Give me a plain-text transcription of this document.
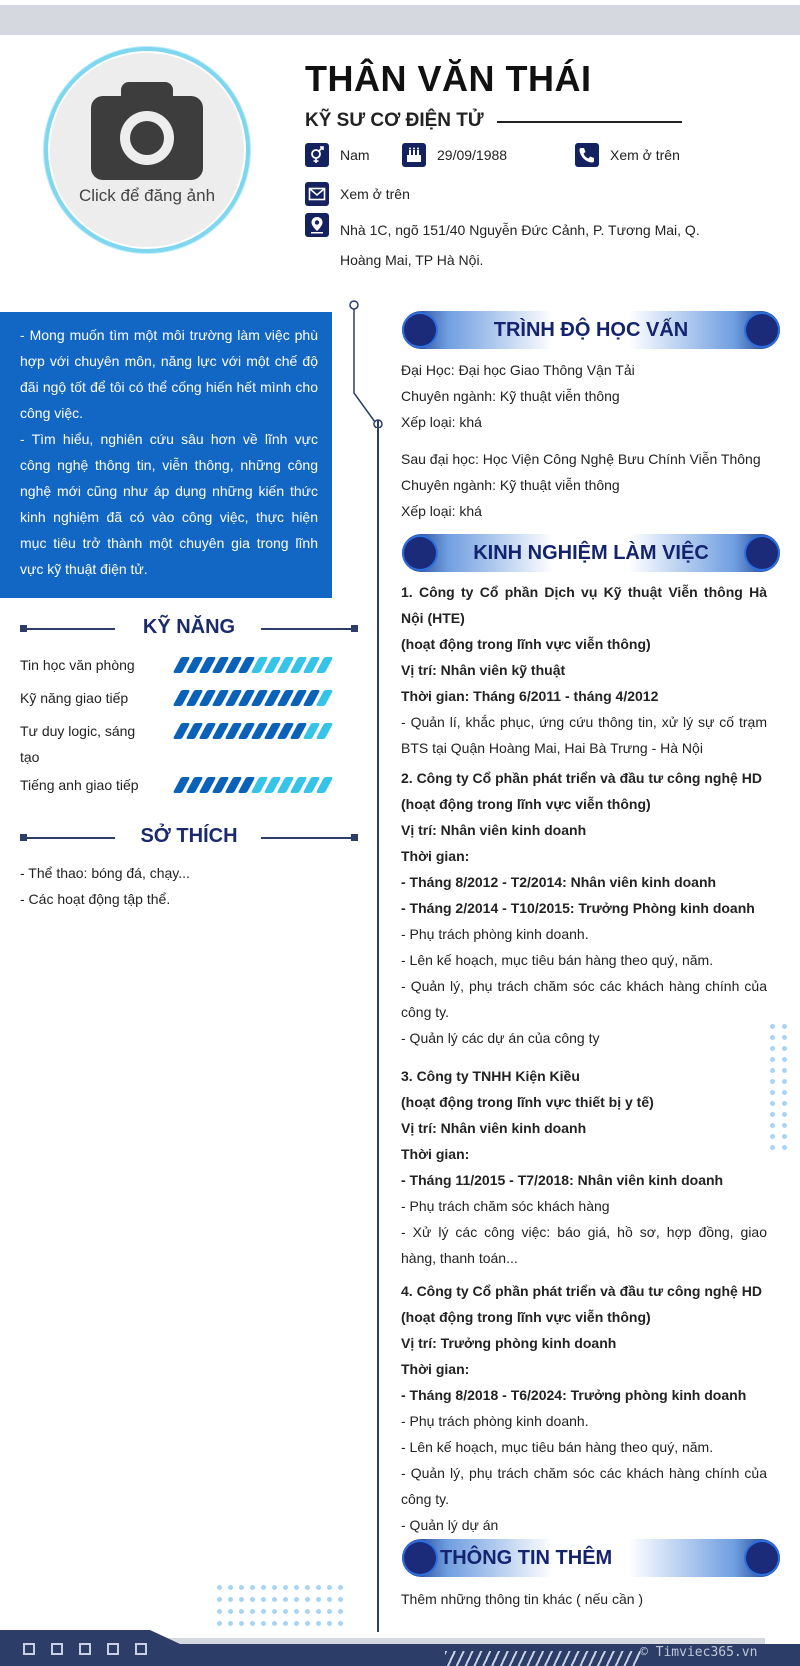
Click để đăng ảnh
THÂN VĂN THÁI
KỸ SƯ CƠ ĐIỆN TỬ
Nam	29/09/1988	Xem ở trên
Xem ở trên
Nhà 1C, ngõ 151/40 Nguyễn Đức Cảnh, P. Tương Mai, Q. Hoàng Mai, TP Hà Nội.

- Mong muốn tìm một môi trường làm việc phù hợp với chuyên môn, năng lực với một chế độ đãi ngộ tốt để tôi có thể cống hiến hết mình cho công việc.

- Tìm hiểu, nghiên cứu sâu hơn về lĩnh vực công nghệ thông tin, viễn thông, những công nghệ mới cũng như áp dụng những kiến thức kinh nghiệm đã có vào công việc, thực hiện mục tiêu trở thành một chuyên gia trong lĩnh vực kỹ thuật điện tử.

KỸ NĂNG
Tin học văn phòng
Kỹ năng giao tiếp
Tư duy logic, sáng tạo
Tiếng anh giao tiếp
SỞ THÍCH
- Thể thao: bóng đá, chạy...
- Các hoạt động tập thể.
TRÌNH ĐỘ HỌC VẤN
Đại Học: Đại học Giao Thông Vận Tải
Chuyên ngành: Kỹ thuật viễn thông
Xếp loại: khá
Sau đại học: Học Viện Công Nghệ Bưu Chính Viễn Thông
Chuyên ngành: Kỹ thuật viễn thông
Xếp loại: khá
KINH NGHIỆM LÀM VIỆC
1. Công ty Cổ phần Dịch vụ Kỹ thuật Viễn thông Hà Nội (HTE)
(hoạt động trong lĩnh vực viễn thông)
Vị trí: Nhân viên kỹ thuật
Thời gian: Tháng 6/2011 - tháng 4/2012
- Quản lí, khắc phục, ứng cứu thông tin, xử lý sự cố trạm BTS tại Quận Hoàng Mai, Hai Bà Trưng - Hà Nội
2. Công ty Cổ phần phát triển và đầu tư công nghệ HD
(hoạt động trong lĩnh vực viễn thông)
Vị trí: Nhân viên kinh doanh
Thời gian:
- Tháng 8/2012 - T2/2014: Nhân viên kinh doanh
- Tháng 2/2014 - T10/2015: Trưởng Phòng kinh doanh
- Phụ trách phòng kinh doanh.
- Lên kế hoạch, mục tiêu bán hàng theo quý, năm.
- Quản lý, phụ trách chăm sóc các khách hàng chính của công ty.
- Quản lý các dự án của công ty
3. Công ty TNHH Kiện Kiều
(hoạt động trong lĩnh vực thiết bị y tế)
Vị trí: Nhân viên kinh doanh
Thời gian:
- Tháng 11/2015 - T7/2018: Nhân viên kinh doanh
- Phụ trách chăm sóc khách hàng
- Xử lý các công việc: báo giá, hồ sơ, hợp đồng, giao hàng, thanh toán...
4. Công ty Cổ phần phát triển và đầu tư công nghệ HD
(hoạt động trong lĩnh vực viễn thông)
Vị trí: Trưởng phòng kinh doanh
Thời gian:
- Tháng 8/2018 - T6/2024: Trưởng phòng kinh doanh
- Phụ trách phòng kinh doanh.
- Lên kế hoạch, mục tiêu bán hàng theo quý, năm.
- Quản lý, phụ trách chăm sóc các khách hàng chính của công ty.
- Quản lý dự án
THÔNG TIN THÊM
Thêm những thông tin khác ( nếu cần )
© Timviec365.vn
